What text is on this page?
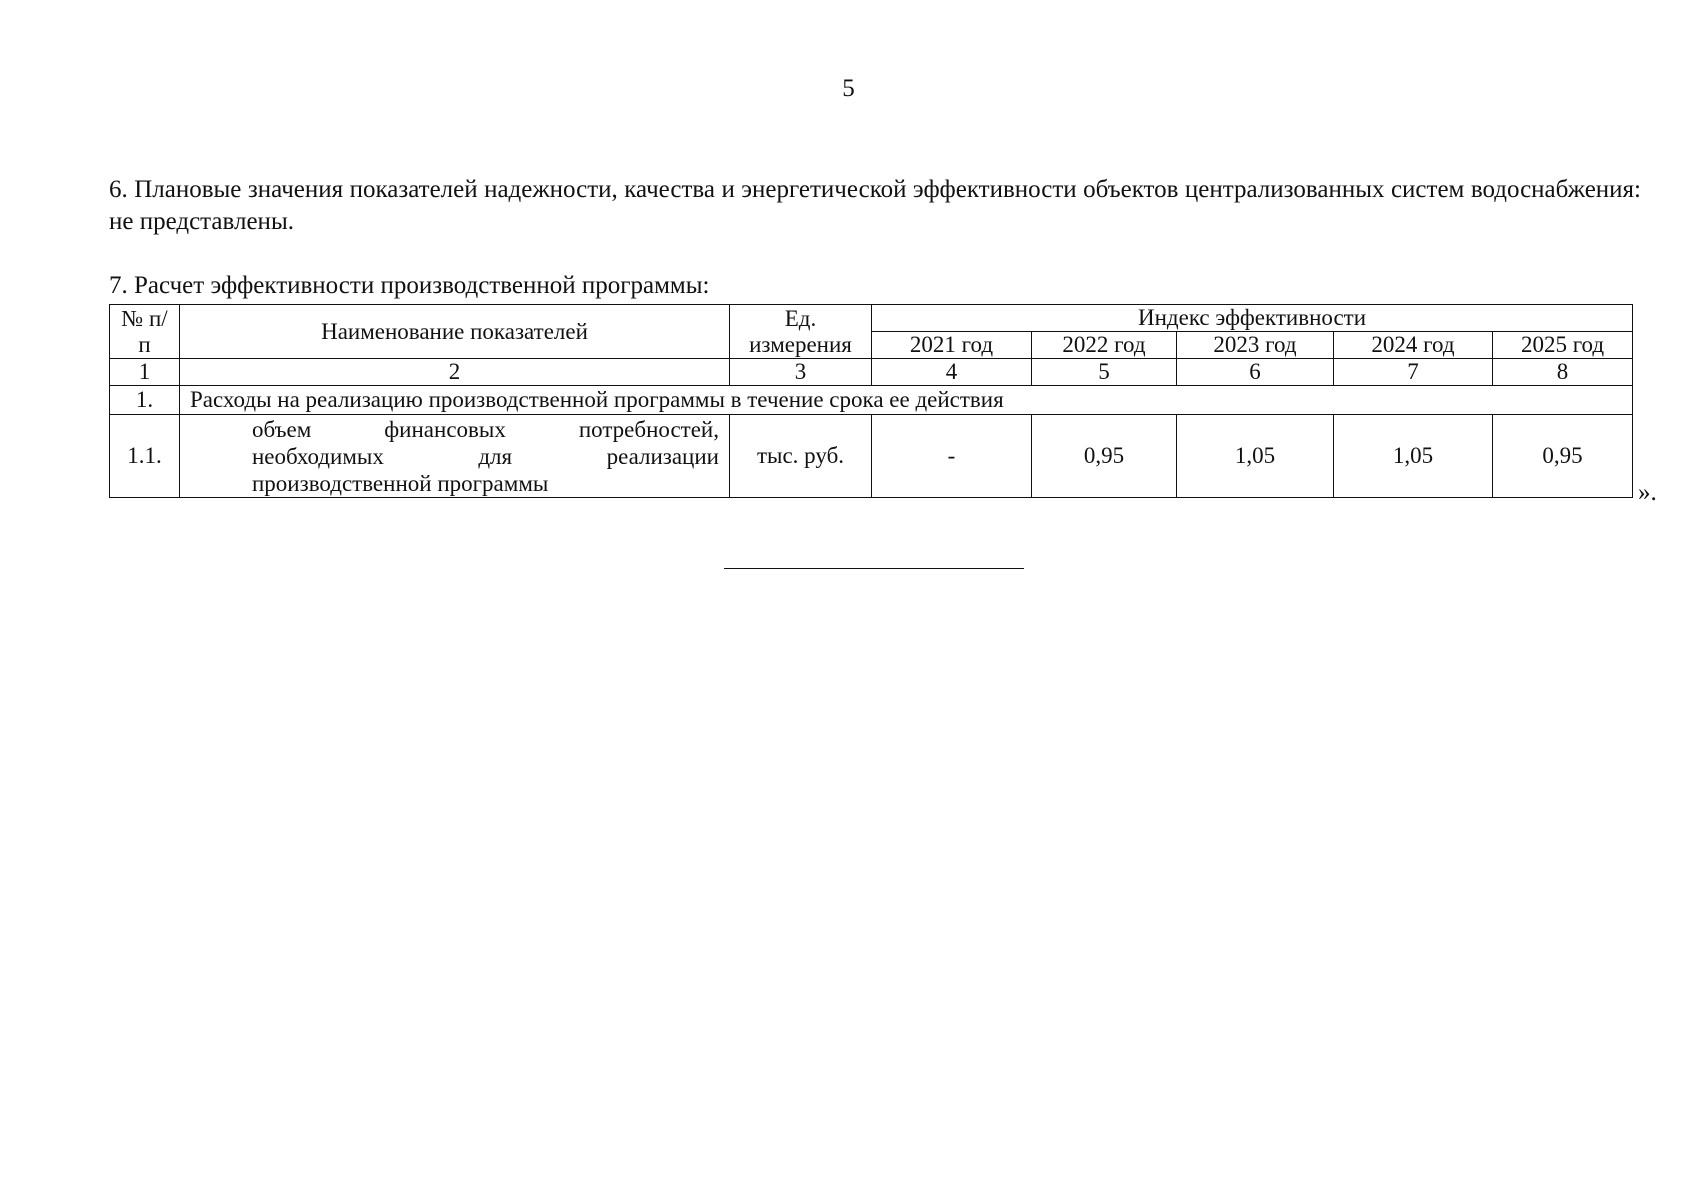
5
6. Плановые значения показателей надежности, качества и энергетической эффективности объектов централизованных систем водоснабжения: не представлены.
7. Расчет эффективности производственной программы:
№ п/п	Наименование показателей	Ед. измерения	Индекс эффективности				
			2021 год	2022 год	2023 год	2024 год	2025 год
1	2	3	4	5	6	7	8
1.	Расходы на реализацию производственной программы в течение срока ее действия						
1.1.	объем финансовых потребностей, необходимых для реализации производственной программы	тыс. руб.	-	0,95	1,05	1,05	0,95
».
